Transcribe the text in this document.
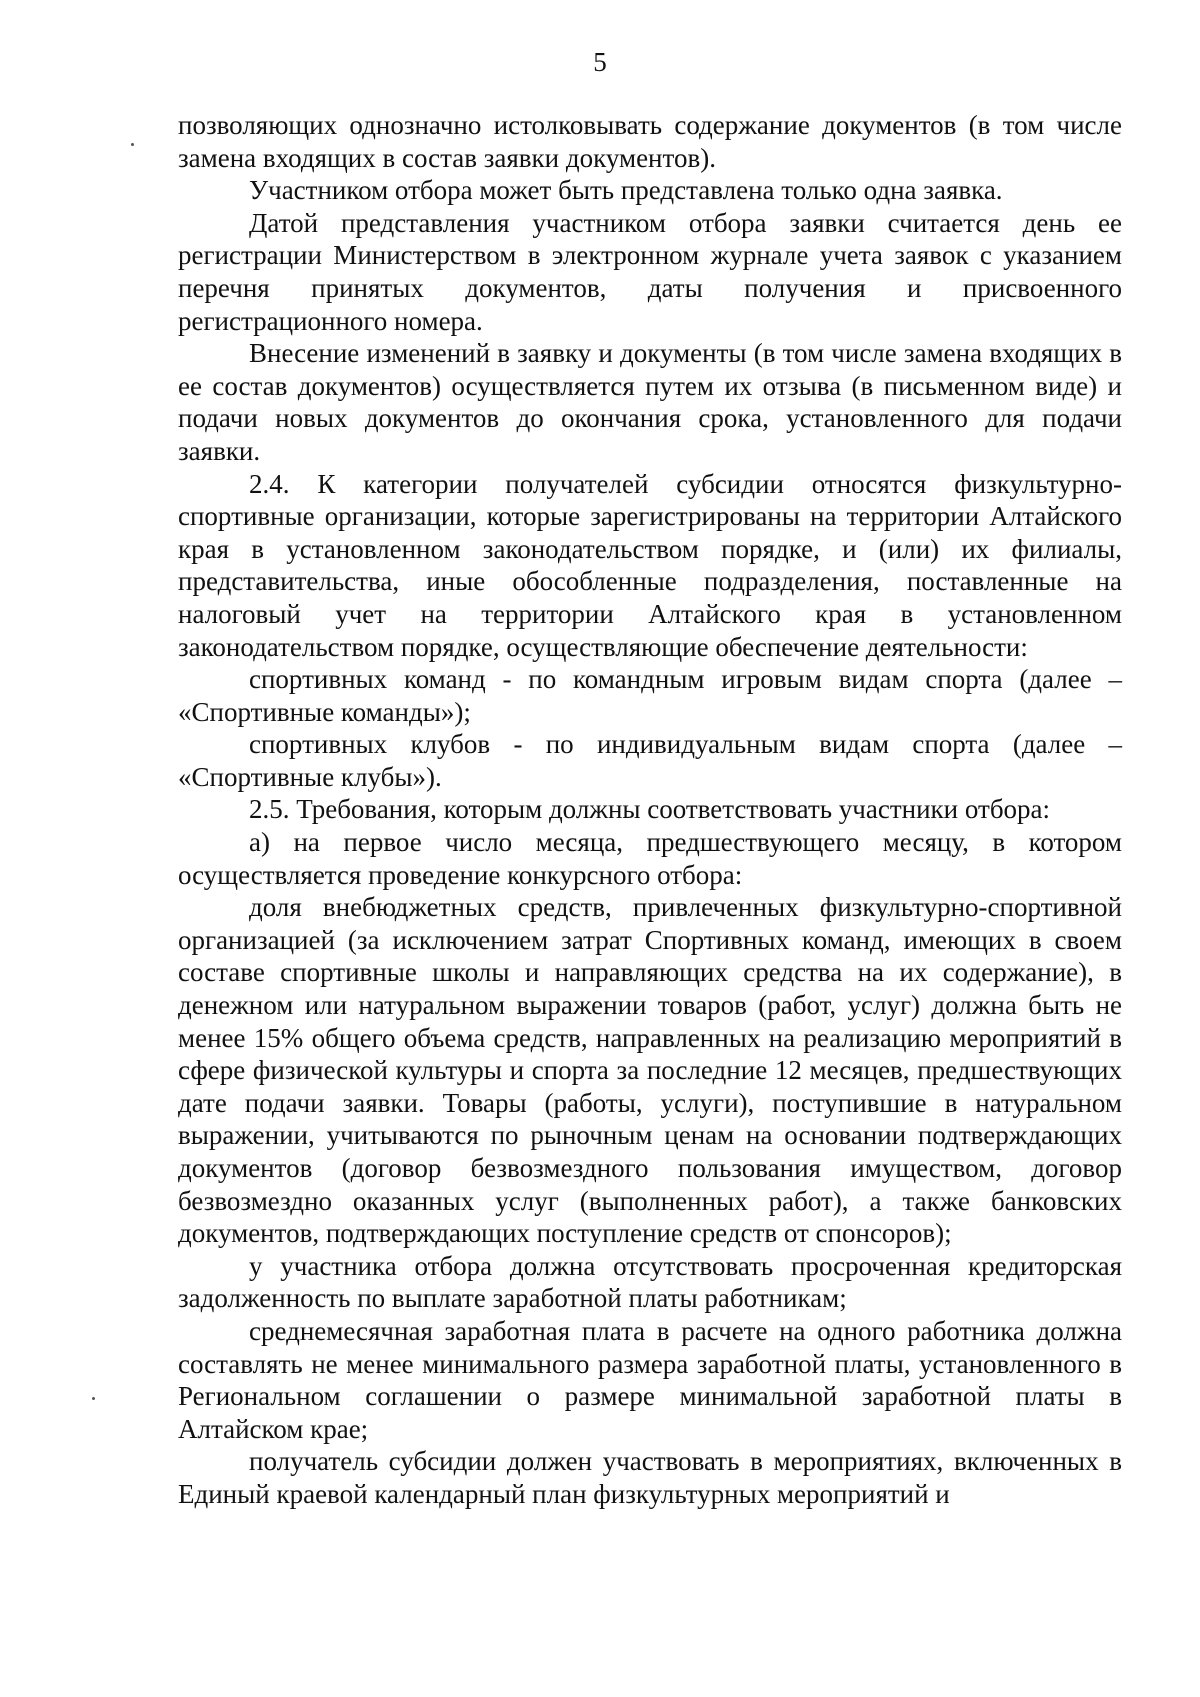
5

позволяющих однозначно истолковывать содержание документов (в том числе замена входящих в состав заявки документов).

Участником отбора может быть представлена только одна заявка.

Датой представления участником отбора заявки считается день ее регистрации Министерством в электронном журнале учета заявок с указанием перечня принятых документов, даты получения и присвоенного регистрационного номера.

Внесение изменений в заявку и документы (в том числе замена входящих в ее состав документов) осуществляется путем их отзыва (в письменном виде) и подачи новых документов до окончания срока, установленного для подачи заявки.

2.4. К категории получателей субсидии относятся физкультурно-спортивные организации, которые зарегистрированы на территории Алтайского края в установленном законодательством порядке, и (или) их филиалы, представительства, иные обособленные подразделения, поставленные на налоговый учет на территории Алтайского края в установленном законодательством порядке, осуществляющие обеспечение деятельности:

спортивных команд - по командным игровым видам спорта (далее – «Спортивные команды»);

спортивных клубов - по индивидуальным видам спорта (далее – «Спортивные клубы»).

2.5. Требования, которым должны соответствовать участники отбора:

а) на первое число месяца, предшествующего месяцу, в котором осуществляется проведение конкурсного отбора:

доля внебюджетных средств, привлеченных физкультурно-спортивной организацией (за исключением затрат Спортивных команд, имеющих в своем составе спортивные школы и направляющих средства на их содержание), в денежном или натуральном выражении товаров (работ, услуг) должна быть не менее 15% общего объема средств, направленных на реализацию мероприятий в сфере физической культуры и спорта за последние 12 месяцев, предшествующих дате подачи заявки. Товары (работы, услуги), поступившие в натуральном выражении, учитываются по рыночным ценам на основании подтверждающих документов (договор безвозмездного пользования имуществом, договор безвозмездно оказанных услуг (выполненных работ), а также банковских документов, подтверждающих поступление средств от спонсоров);

у участника отбора должна отсутствовать просроченная кредиторская задолженность по выплате заработной платы работникам;

среднемесячная заработная плата в расчете на одного работника должна составлять не менее минимального размера заработной платы, установленного в Региональном соглашении о размере минимальной заработной платы в Алтайском крае;

получатель субсидии должен участвовать в мероприятиях, включенных в Единый краевой календарный план физкультурных мероприятий и
